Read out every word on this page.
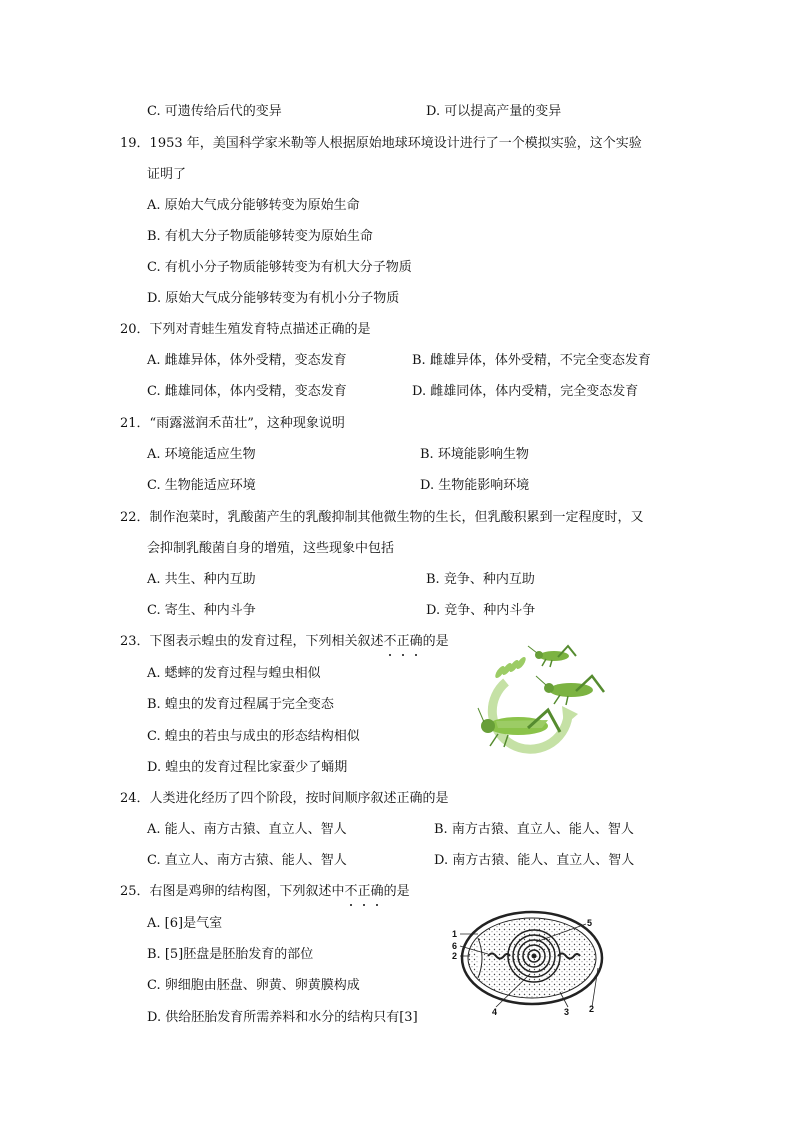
C. 可遗传给后代的变异	D. 可以提高产量的变异
19．1953 年，美国科学家米勒等人根据原始地球环境设计进行了一个模拟实验，这个实验
证明了
A. 原始大气成分能够转变为原始生命
B. 有机大分子物质能够转变为原始生命
C. 有机小分子物质能够转变为有机大分子物质
D. 原始大气成分能够转变为有机小分子物质
20．下列对青蛙生殖发育特点描述正确的是
A. 雌雄异体，体外受精，变态发育	B. 雌雄异体，体外受精，不完全变态发育
C. 雌雄同体，体内受精，变态发育	D. 雌雄同体，体内受精，完全变态发育
21．“雨露滋润禾苗壮”，这种现象说明
A. 环境能适应生物	B. 环境能影响生物
C. 生物能适应环境	D. 生物能影响环境
22．制作泡菜时，乳酸菌产生的乳酸抑制其他微生物的生长，但乳酸积累到一定程度时，又
会抑制乳酸菌自身的增殖，这些现象中包括
A. 共生、种内互助	B. 竞争、种内互助
C. 寄生、种内斗争	D. 竞争、种内斗争
23．下图表示蝗虫的发育过程，下列相关叙述不正确的是
A. 蟋蟀的发育过程与蝗虫相似
B. 蝗虫的发育过程属于完全变态
C. 蝗虫的若虫与成虫的形态结构相似
D. 蝗虫的发育过程比家蚕少了蛹期
24．人类进化经历了四个阶段，按时间顺序叙述正确的是
A. 能人、南方古猿、直立人、智人	B. 南方古猿、直立人、能人、智人
C. 直立人、南方古猿、能人、智人	D. 南方古猿、能人、直立人、智人
25．右图是鸡卵的结构图，下列叙述中不正确的是
A. [6]是气室
B. [5]胚盘是胚胎发育的部位
C. 卵细胞由胚盘、卵黄、卵黄膜构成
D. 供给胚胎发育所需养料和水分的结构只有[3]
1
6
2
5
4	3 2
